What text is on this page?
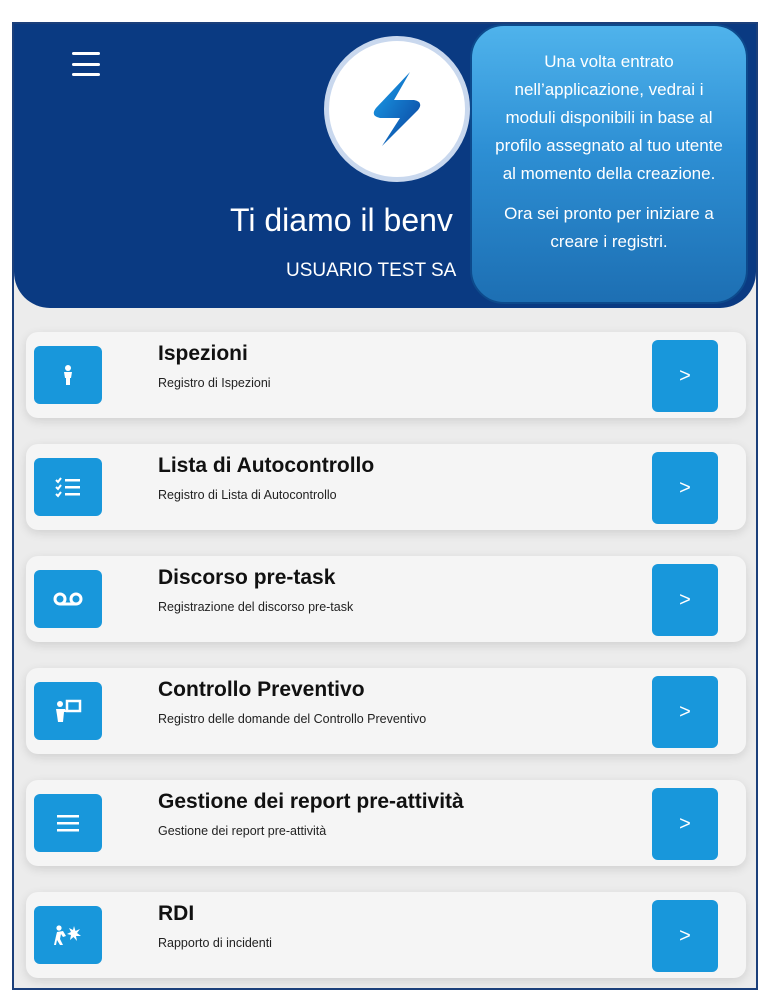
Ti diamo il benv
USUARIO TEST SA

Una volta entrato nell’applicazione, vedrai i moduli disponibili in base al profilo assegnato al tuo utente al momento della creazione.

Ora sei pronto per iniziare a creare i registri.

Ispezioni
Registro di Ispezioni	>
Lista di Autocontrollo
Registro di Lista di Autocontrollo	>
Discorso pre-task
Registrazione del discorso pre-task	>
Controllo Preventivo
Registro delle domande del Controllo Preventivo	>
Gestione dei report pre-attività
Gestione dei report pre-attività	>
RDI
Rapporto di incidenti	>
